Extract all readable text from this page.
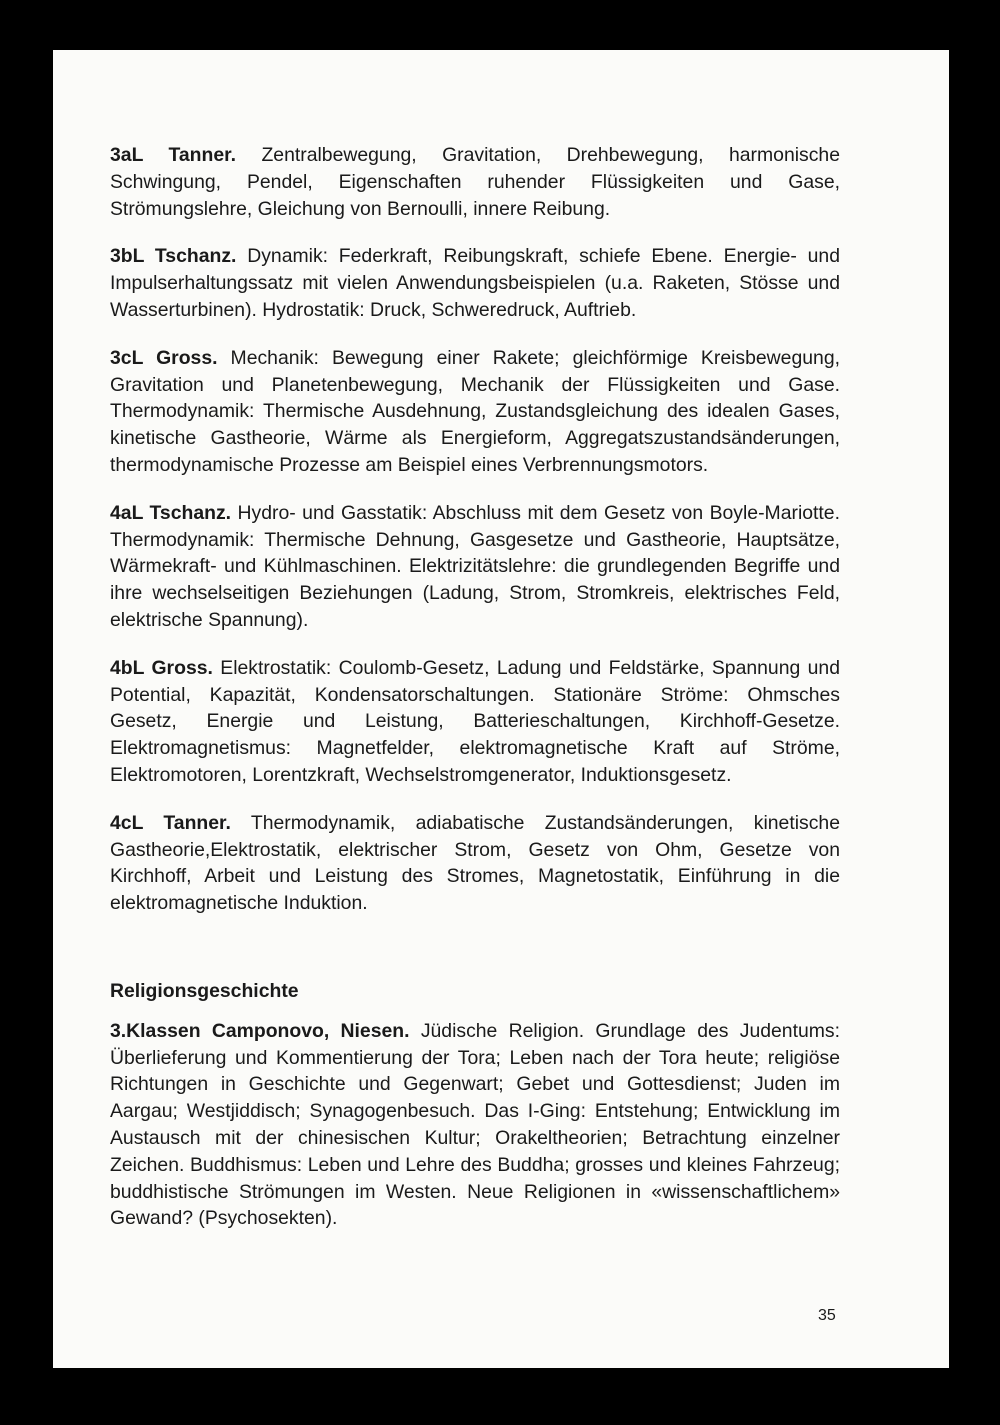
3aL Tanner. Zentralbewegung, Gravitation, Drehbewegung, harmonische Schwingung, Pendel, Eigenschaften ruhender Flüssigkeiten und Gase, Strömungslehre, Gleichung von Bernoulli, innere Reibung.

3bL Tschanz. Dynamik: Federkraft, Reibungskraft, schiefe Ebene. Energie- und Impulserhaltungssatz mit vielen Anwendungsbeispielen (u.a. Raketen, Stösse und Wasserturbinen). Hydrostatik: Druck, Schweredruck, Auftrieb.

3cL Gross. Mechanik: Bewegung einer Rakete; gleichförmige Kreisbewegung, Gravitation und Planetenbewegung, Mechanik der Flüssigkeiten und Gase. Thermodynamik: Thermische Ausdehnung, Zustandsgleichung des idealen Gases, kinetische Gastheorie, Wärme als Energieform, Aggregatszustandsänderungen, thermodynamische Prozesse am Beispiel eines Verbrennungsmotors.

4aL Tschanz. Hydro- und Gasstatik: Abschluss mit dem Gesetz von Boyle-Mariotte. Thermodynamik: Thermische Dehnung, Gasgesetze und Gastheorie, Hauptsätze, Wärmekraft- und Kühlmaschinen. Elektrizitätslehre: die grundlegenden Begriffe und ihre wechselseitigen Beziehungen (Ladung, Strom, Stromkreis, elektrisches Feld, elektrische Spannung).

4bL Gross. Elektrostatik: Coulomb-Gesetz, Ladung und Feldstärke, Spannung und Potential, Kapazität, Kondensatorschaltungen. Stationäre Ströme: Ohmsches Gesetz, Energie und Leistung, Batterieschaltungen, Kirchhoff-Gesetze. Elektromagnetismus: Magnetfelder, elektromagnetische Kraft auf Ströme, Elektromotoren, Lorentzkraft, Wechselstromgenerator, Induktionsgesetz.

4cL Tanner. Thermodynamik, adiabatische Zustandsänderungen, kinetische Gastheorie,Elektrostatik, elektrischer Strom, Gesetz von Ohm, Gesetze von Kirchhoff, Arbeit und Leistung des Stromes, Magnetostatik, Einführung in die elektromagnetische Induktion.

Religionsgeschichte

3.Klassen Camponovo, Niesen. Jüdische Religion. Grundlage des Judentums: Überlieferung und Kommentierung der Tora; Leben nach der Tora heute; religiöse Richtungen in Geschichte und Gegenwart; Gebet und Gottesdienst; Juden im Aargau; Westjiddisch; Synagogenbesuch. Das I-Ging: Entstehung; Entwicklung im Austausch mit der chinesischen Kultur; Orakeltheorien; Betrachtung einzelner Zeichen. Buddhismus: Leben und Lehre des Buddha; grosses und kleines Fahrzeug; buddhistische Strömungen im Westen. Neue Religionen in «wissenschaftlichem» Gewand? (Psychosekten).

35
